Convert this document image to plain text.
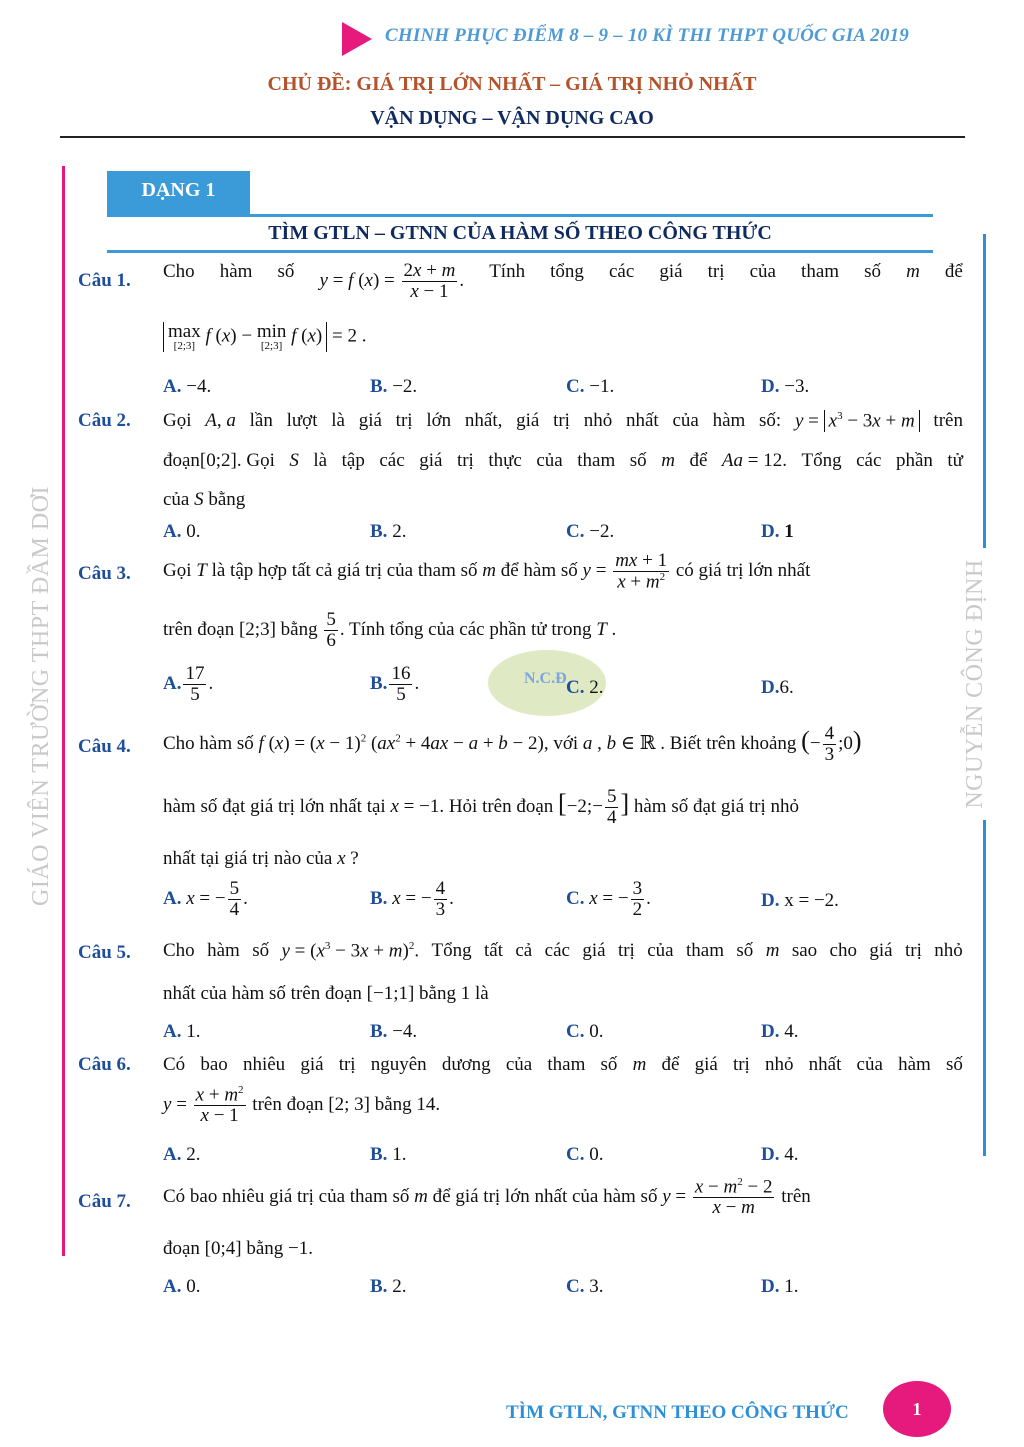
CHINH PHỤC ĐIỂM 8 – 9 – 10 KÌ THI THPT QUỐC GIA 2019
CHỦ ĐỀ: GIÁ TRỊ LỚN NHẤT – GIÁ TRỊ NHỎ NHẤT
VẬN DỤNG – VẬN DỤNG CAO
GIÁO VIÊN TRƯỜNG THPT ĐẦM DƠI	NGUYỄN CÔNG ĐỊNH
DẠNG 1
TÌM GTLN – GTNN CỦA HÀM SỐ THEO CÔNG THỨC
Câu 1. Cho hàm số y = f $(x) = \frac{2x + m}{x - 1}$ . Tính tổng các giá trị của tham số m để
max
[2;3] f (x) − min
[2;3] f (x) = 2 .
A. −4.	B. −2.	C. −1.	D. −3.
Câu 2. Gọi A, a lần lượt là giá trị lớn nhất, giá trị nhỏ nhất của hàm số: $y = x^3 - 3x + m$ trên
đoạn[0;2]. Gọi S là tập các giá trị thực của tham số m để Aa = 12. Tổng các phần tử
của S bằng
A. 0.	B. 2.	C. −2.	D. 1
Câu 3. Gọi T là tập hợp tất cả giá trị của tham số m để hàm số $y = \frac{mx + 1}{x + m^2}$ có giá trị lớn nhất
trên đoạn [2;3] bằng $\frac{5}{6}$ . Tính tổng của các phần tử trong T .
N.C.Đ
A. $\frac{17}{5}$ .	B. $\frac{16}{5}$ .	C. 2.	D.6.
Câu 4. Cho hàm số f $(x) = (x - 1)^2$ $(ax^2 + 4ax - a + b - 2)$, với a , b ∈ ℝ . Biết trên khoảng (− $\frac{4}{3}$ ;0)
hàm số đạt giá trị lớn nhất tại x = −1. Hỏi trên đoạn [−2;− $\frac{5}{4}$ ] hàm số đạt giá trị nhỏ
nhất tại giá trị nào của x ?
A. x = − $\frac{5}{4}$ .	B. x = − $\frac{4}{3}$ .	C. x = − $\frac{3}{2}$ .	D. x = −2.
Câu 5. Cho hàm số $y = (x^3 - 3x + m)^2$. Tổng tất cả các giá trị của tham số m sao cho giá trị nhỏ
nhất của hàm số trên đoạn [−1;1] bằng 1 là
A. 1.	B. −4.	C. 0.	D. 4.
Câu 6. Có bao nhiêu giá trị nguyên dương của tham số m để giá trị nhỏ nhất của hàm số
$y = \frac{x + m^2}{x - 1}$ trên đoạn [2; 3] bằng 14.
A. 2.	B. 1.	C. 0.	D. 4.
Câu 7. Có bao nhiêu giá trị của tham số m để giá trị lớn nhất của hàm số $y = \frac{x - m^2 - 2}{x - m}$ trên
đoạn [0;4] bằng −1.
A. 0.	B. 2.	C. 3.	D. 1.
TÌM GTLN, GTNN THEO CÔNG THỨC	1
